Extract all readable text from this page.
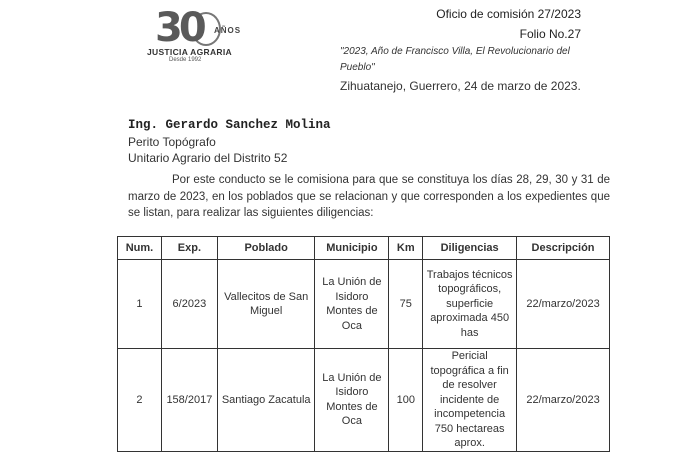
30 AÑOS
JUSTICIA AGRARIA
Desde 1992
Oficio de comisión 27/2023
Folio No.27
"2023, Año de Francisco Villa, El Revolucionario del Pueblo"
Zihuatanejo, Guerrero, 24 de marzo de 2023.
Ing. Gerardo Sanchez Molina
Perito Topógrafo
Unitario Agrario del Distrito 52
Por este conducto se le comisiona para que se constituya los días 28, 29, 30 y 31 de marzo de 2023, en los poblados que se relacionan y que corresponden a los expedientes que se listan, para realizar las siguientes diligencias:
Num.	Exp.	Poblado	Municipio	Km	Diligencias	Descripción
1	6/2023	Vallecitos de San Miguel	La Unión de Isidoro Montes de Oca	75	Trabajos técnicos topográficos, superficie aproximada 450 has	22/marzo/2023
2	158/2017	Santiago Zacatula	La Unión de Isidoro Montes de Oca	100	Pericial topográfica a fin de resolver incidente de incompetencia 750 hectareas aprox.	22/marzo/2023
